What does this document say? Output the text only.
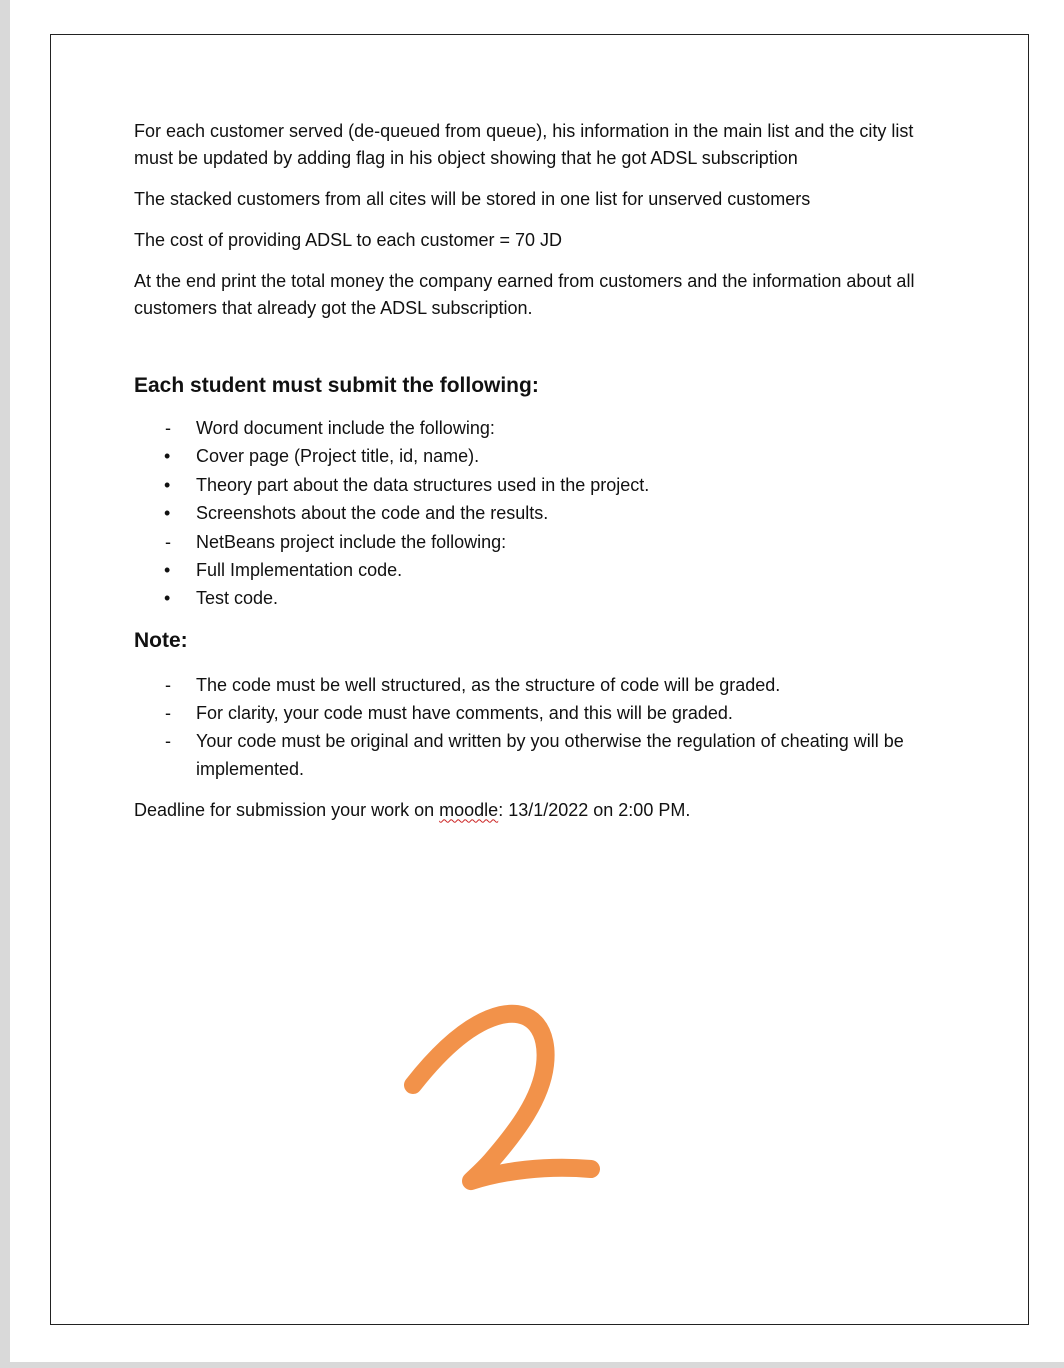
For each customer served (de-queued from queue), his information in the main list and the city list must be updated by adding flag in his object showing that he got ADSL subscription

The stacked customers from all cites will be stored in one list for unserved customers

The cost of providing ADSL to each customer = 70 JD

At the end print the total money the company earned from customers and the information about all customers that already got the ADSL subscription.

Each student must submit the following:
- Word document include the following:
• Cover page (Project title, id, name).
• Theory part about the data structures used in the project.
• Screenshots about the code and the results.
- NetBeans project include the following:
• Full Implementation code.
• Test code.
Note:
- The code must be well structured, as the structure of code will be graded.
- For clarity, your code must have comments, and this will be graded.
- Your code must be original and written by you otherwise the regulation of cheating will be implemented.

Deadline for submission your work on moodle: 13/1/2022 on 2:00 PM.
